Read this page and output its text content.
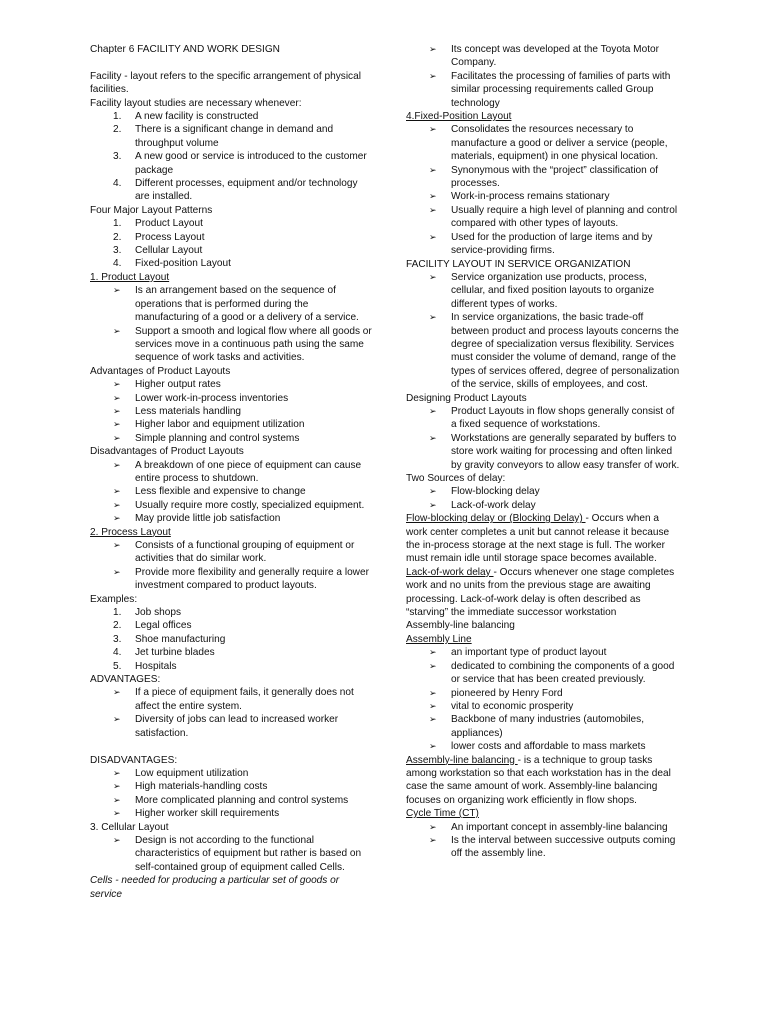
Chapter 6 FACILITY AND WORK DESIGN

Facility - layout refers to the specific arrangement of physical facilities.

Facility layout studies are necessary whenever:

1.	A new facility is constructed
2.	There is a significant change in demand and throughput volume
3.	A new good or service is introduced to the customer package
4.	Different processes, equipment and/or technology are installed.

Four Major Layout Patterns

1.	Product Layout
2.	Process Layout
3.	Cellular Layout
4.	Fixed-position Layout

1. Product Layout

➢	Is an arrangement based on the sequence of operations that is performed during the manufacturing of a good or a delivery of a service.
➢	Support a smooth and logical flow where all goods or services move in a continuous path using the same sequence of work tasks and activities.

Advantages of Product Layouts

➢	Higher output rates
➢	Lower work-in-process inventories
➢	Less materials handling
➢	Higher labor and equipment utilization
➢	Simple planning and control systems

Disadvantages of Product Layouts

➢	A breakdown of one piece of equipment can cause entire process to shutdown.
➢	Less flexible and expensive to change
➢	Usually require more costly, specialized equipment.
➢	May provide little job satisfaction

2. Process Layout

➢	Consists of a functional grouping of equipment or activities that do similar work.
➢	Provide more flexibility and generally require a lower investment compared to product layouts.

Examples:

1.	Job shops
2.	Legal offices
3.	Shoe manufacturing
4.	Jet turbine blades
5.	Hospitals

ADVANTAGES:

➢	If a piece of equipment fails, it generally does not affect the entire system.
➢	Diversity of jobs can lead to increased worker satisfaction.

DISADVANTAGES:

➢	Low equipment utilization
➢	High materials-handling costs
➢	More complicated planning and control systems
➢	Higher worker skill requirements

3. Cellular Layout

➢	Design is not according to the functional characteristics of equipment but rather is based on self-contained group of equipment called Cells.

Cells - needed for producing a particular set of goods or service

➢	Its concept was developed at the Toyota Motor Company.
➢	Facilitates the processing of families of parts with similar processing requirements called Group technology

4.Fixed-Position Layout

➢	Consolidates the resources necessary to manufacture a good or deliver a service (people, materials, equipment) in one physical location.
➢	Synonymous with the “project” classification of processes.
➢	Work-in-process remains stationary
➢	Usually require a high level of planning and control compared with other types of layouts.
➢	Used for the production of large items and by service-providing firms.

FACILITY LAYOUT IN SERVICE ORGANIZATION

➢	Service organization use products, process, cellular, and fixed position layouts to organize different types of works.
➢	In service organizations, the basic trade-off between product and process layouts concerns the degree of specialization versus flexibility. Services must consider the volume of demand, range of the types of services offered, degree of personalization of the service, skills of employees, and cost.

Designing Product Layouts

➢	Product Layouts in flow shops generally consist of a fixed sequence of workstations.
➢	Workstations are generally separated by buffers to store work waiting for processing and often linked by gravity conveyors to allow easy transfer of work.

Two Sources of delay:

➢	Flow-blocking delay
➢	Lack-of-work delay

Flow-blocking delay or (Blocking Delay) - Occurs when a work center completes a unit but cannot release it because the in-process storage at the next stage is full. The worker must remain idle until storage space becomes available.

Lack-of-work delay - Occurs whenever one stage completes work and no units from the previous stage are awaiting processing. Lack-of-work delay is often described as “starving” the immediate successor workstation

Assembly-line balancing

Assembly Line

➢	an important type of product layout
➢	dedicated to combining the components of a good or service that has been created previously.
➢	pioneered by Henry Ford
➢	vital to economic prosperity
➢	Backbone of many industries (automobiles, appliances)
➢	lower costs and affordable to mass markets

Assembly-line balancing - is a technique to group tasks among workstation so that each workstation has in the deal case the same amount of work. Assembly-line balancing focuses on organizing work efficiently in flow shops.

Cycle Time (CT)

➢	An important concept in assembly-line balancing
➢	Is the interval between successive outputs coming off the assembly line.
